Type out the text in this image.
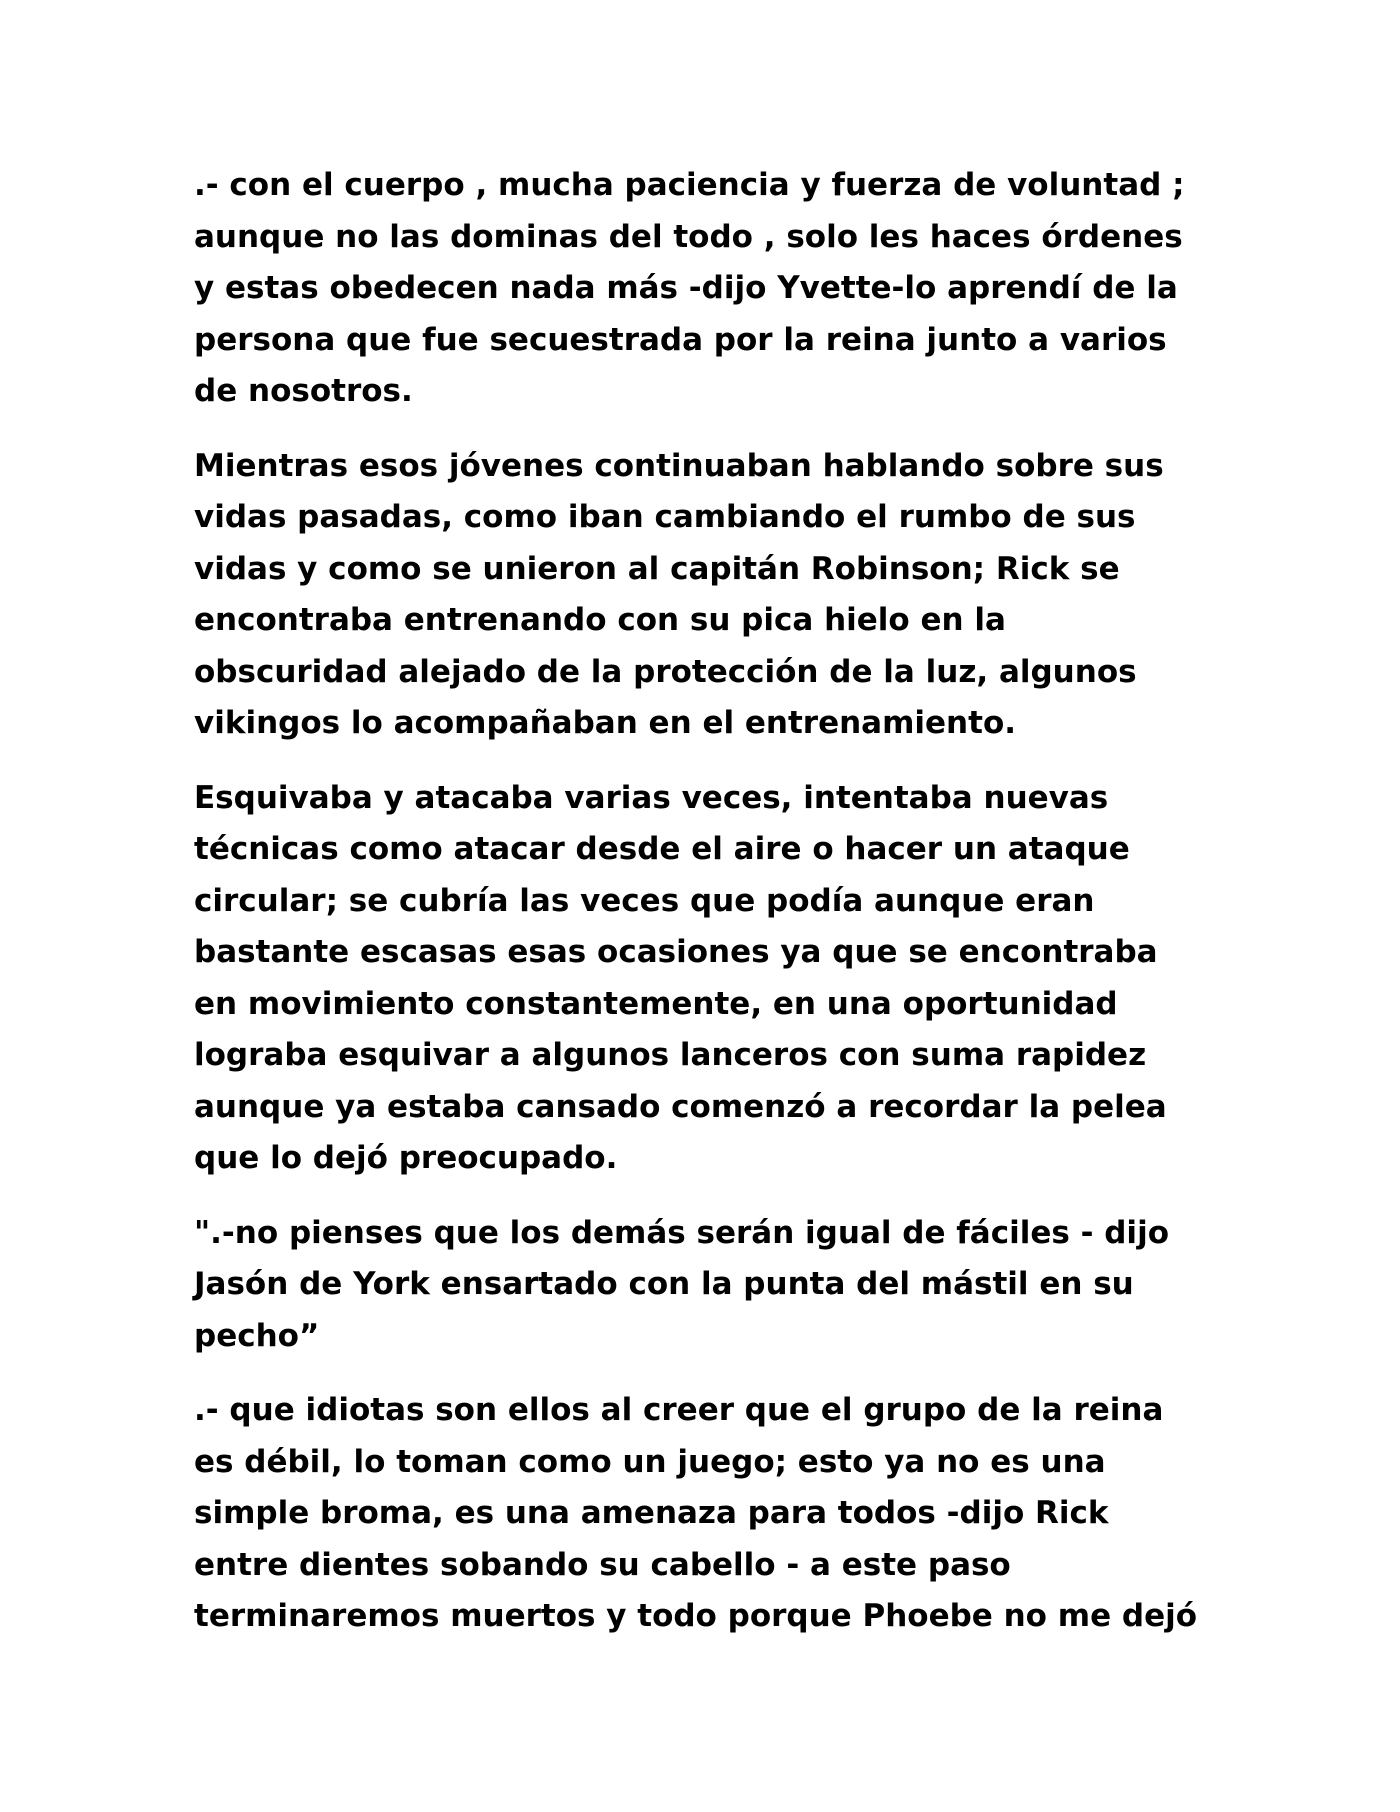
.- con el cuerpo , mucha paciencia y fuerza de voluntad ;
aunque no las dominas del todo , solo les haces órdenes
y estas obedecen nada más -dijo Yvette-lo aprendí de la
persona que fue secuestrada por la reina junto a varios
de nosotros.

Mientras esos jóvenes continuaban hablando sobre sus
vidas pasadas, como iban cambiando el rumbo de sus
vidas y como se unieron al capitán Robinson; Rick se
encontraba entrenando con su pica hielo en la
obscuridad alejado de la protección de la luz, algunos
vikingos lo acompañaban en el entrenamiento.

Esquivaba y atacaba varias veces, intentaba nuevas
técnicas como atacar desde el aire o hacer un ataque
circular; se cubría las veces que podía aunque eran
bastante escasas esas ocasiones ya que se encontraba
en movimiento constantemente, en una oportunidad
lograba esquivar a algunos lanceros con suma rapidez
aunque ya estaba cansado comenzó a recordar la pelea
que lo dejó preocupado.

".-no pienses que los demás serán igual de fáciles - dijo
Jasón de York ensartado con la punta del mástil en su
pecho”

.- que idiotas son ellos al creer que el grupo de la reina
es débil, lo toman como un juego; esto ya no es una
simple broma, es una amenaza para todos -dijo Rick
entre dientes sobando su cabello - a este paso
terminaremos muertos y todo porque Phoebe no me dejó
